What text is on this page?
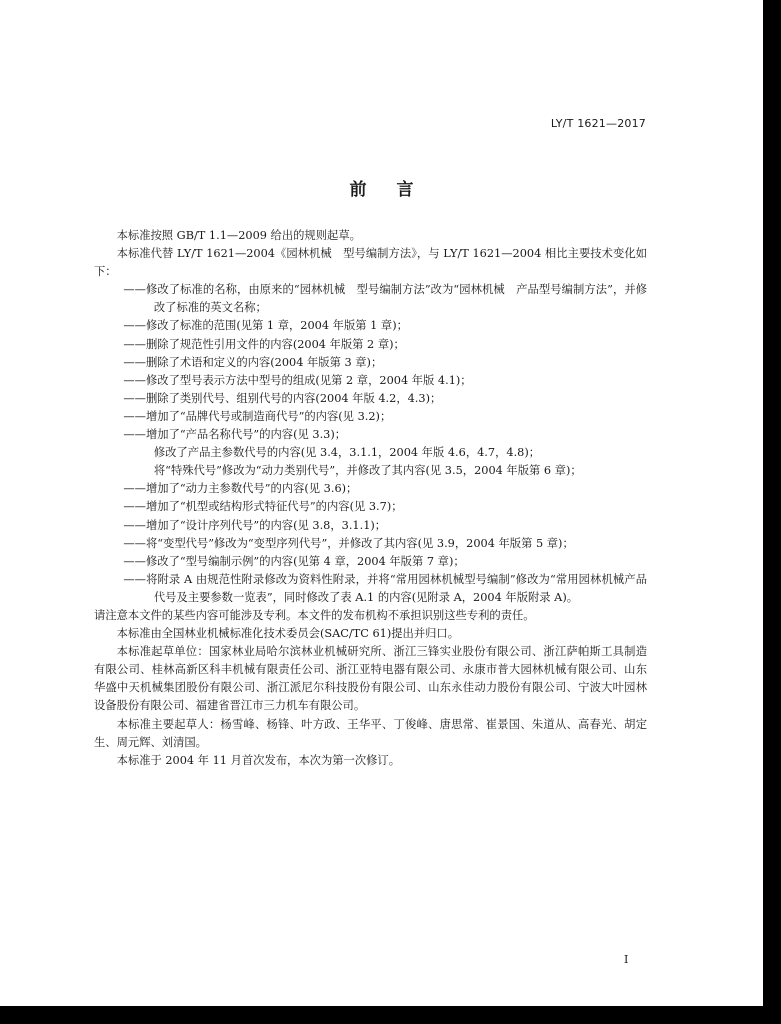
LY/T 1621—2017
前言

本标准按照 GB/T 1.1—2009 给出的规则起草。

本标准代替 LY/T 1621—2004《园林机械　型号编制方法》，与 LY/T 1621—2004 相比主要技术变化如下：

—— 修改了标准的名称，由原来的“园林机械　型号编制方法”改为“园林机械　产品型号编制方法”，并修改了标准的英文名称；

—— 修改了标准的范围(见第 1 章，2004 年版第 1 章)；

—— 删除了规范性引用文件的内容(2004 年版第 2 章)；

—— 删除了术语和定义的内容(2004 年版第 3 章)；

—— 修改了型号表示方法中型号的组成(见第 2 章，2004 年版 4.1)；

—— 删除了类别代号、组别代号的内容(2004 年版 4.2，4.3)；

—— 增加了“品牌代号或制造商代号”的内容(见 3.2)；

—— 增加了“产品名称代号”的内容(见 3.3)；

修改了产品主参数代号的内容(见 3.4，3.1.1，2004 年版 4.6，4.7，4.8)；

将“特殊代号”修改为“动力类别代号”，并修改了其内容(见 3.5，2004 年版第 6 章)；

—— 增加了“动力主参数代号”的内容(见 3.6)；

—— 增加了“机型或结构形式特征代号”的内容(见 3.7)；

—— 增加了“设计序列代号”的内容(见 3.8，3.1.1)；

—— 将“变型代号”修改为“变型序列代号”，并修改了其内容(见 3.9，2004 年版第 5 章)；

—— 修改了“型号编制示例”的内容(见第 4 章，2004 年版第 7 章)；

—— 将附录 A 由规范性附录修改为资料性附录，并将“常用园林机械型号编制”修改为“常用园林机械产品代号及主要参数一览表”，同时修改了表 A.1 的内容(见附录 A，2004 年版附录 A)。

请注意本文件的某些内容可能涉及专利。本文件的发布机构不承担识别这些专利的责任。

本标准由全国林业机械标准化技术委员会(SAC/TC 61)提出并归口。

本标准起草单位：国家林业局哈尔滨林业机械研究所、浙江三锋实业股份有限公司、浙江萨帕斯工具制造有限公司、桂林高新区科丰机械有限责任公司、浙江亚特电器有限公司、永康市普大园林机械有限公司、山东华盛中天机械集团股份有限公司、浙江派尼尔科技股份有限公司、山东永佳动力股份有限公司、宁波大叶园林设备股份有限公司、福建省晋江市三力机车有限公司。

本标准主要起草人：杨雪峰、杨锋、叶方政、王华平、丁俊峰、唐思常、崔景国、朱道从、高春光、胡定生、周元辉、刘清国。

本标准于 2004 年 11 月首次发布，本次为第一次修订。

I
